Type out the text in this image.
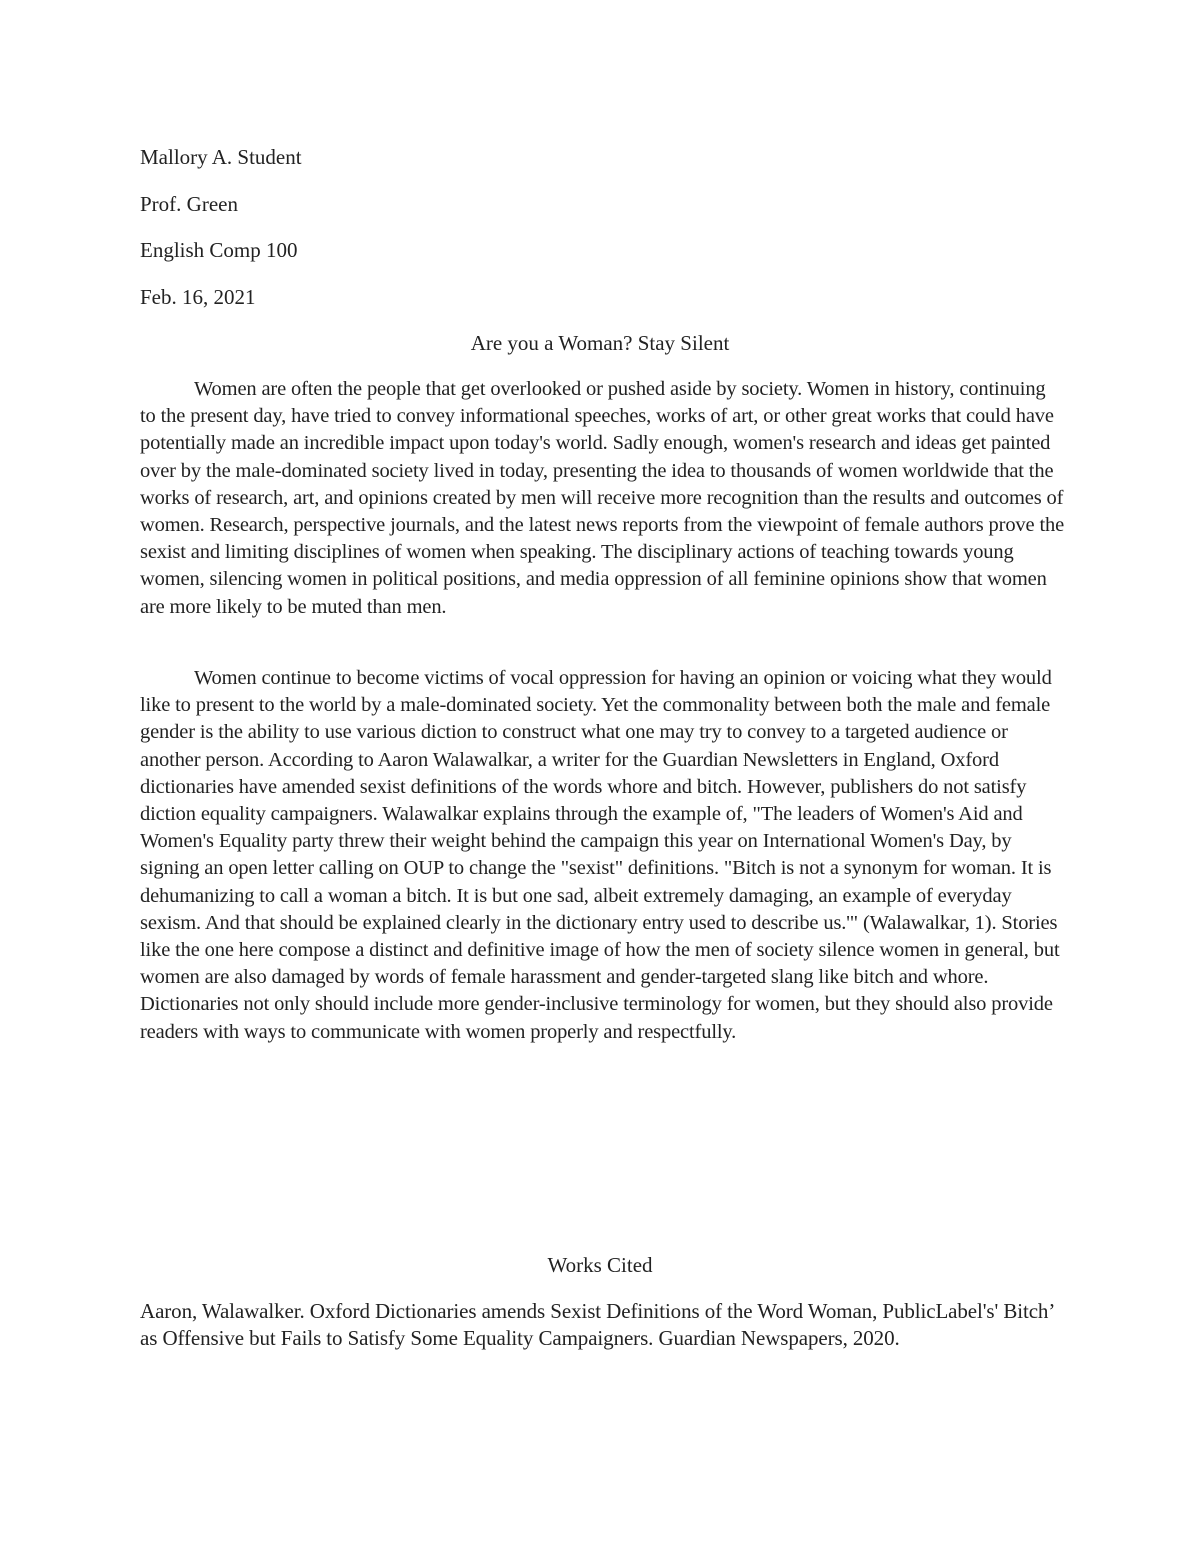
Mallory A. Student

Prof. Green

English Comp 100

Feb. 16, 2021

Are you a Woman? Stay Silent

Women are often the people that get overlooked or pushed aside by society. Women in history, continuing to the present day, have tried to convey informational speeches, works of art, or other great works that could have potentially made an incredible impact upon today's world. Sadly enough, women's research and ideas get painted over by the male-dominated society lived in today, presenting the idea to thousands of women worldwide that the works of research, art, and opinions created by men will receive more recognition than the results and outcomes of women. Research, perspective journals, and the latest news reports from the viewpoint of female authors prove the sexist and limiting disciplines of women when speaking. The disciplinary actions of teaching towards young women, silencing women in political positions, and media oppression of all feminine opinions show that women are more likely to be muted than men.

Women continue to become victims of vocal oppression for having an opinion or voicing what they would like to present to the world by a male-dominated society. Yet the commonality between both the male and female gender is the ability to use various diction to construct what one may try to convey to a targeted audience or another person. According to Aaron Walawalkar, a writer for the Guardian Newsletters in England, Oxford dictionaries have amended sexist definitions of the words whore and bitch. However, publishers do not satisfy diction equality campaigners. Walawalkar explains through the example of, "The leaders of Women's Aid and Women's Equality party threw their weight behind the campaign this year on International Women's Day, by signing an open letter calling on OUP to change the "sexist" definitions. "Bitch is not a synonym for woman. It is dehumanizing to call a woman a bitch. It is but one sad, albeit extremely damaging, an example of everyday sexism. And that should be explained clearly in the dictionary entry used to describe us.'" (Walawalkar, 1). Stories like the one here compose a distinct and definitive image of how the men of society silence women in general, but women are also damaged by words of female harassment and gender-targeted slang like bitch and whore. Dictionaries not only should include more gender-inclusive terminology for women, but they should also provide readers with ways to communicate with women properly and respectfully.

Works Cited

Aaron, Walawalker. Oxford Dictionaries amends Sexist Definitions of the Word Woman, PublicLabel's' Bitch’ as Offensive but Fails to Satisfy Some Equality Campaigners. Guardian Newspapers, 2020.
